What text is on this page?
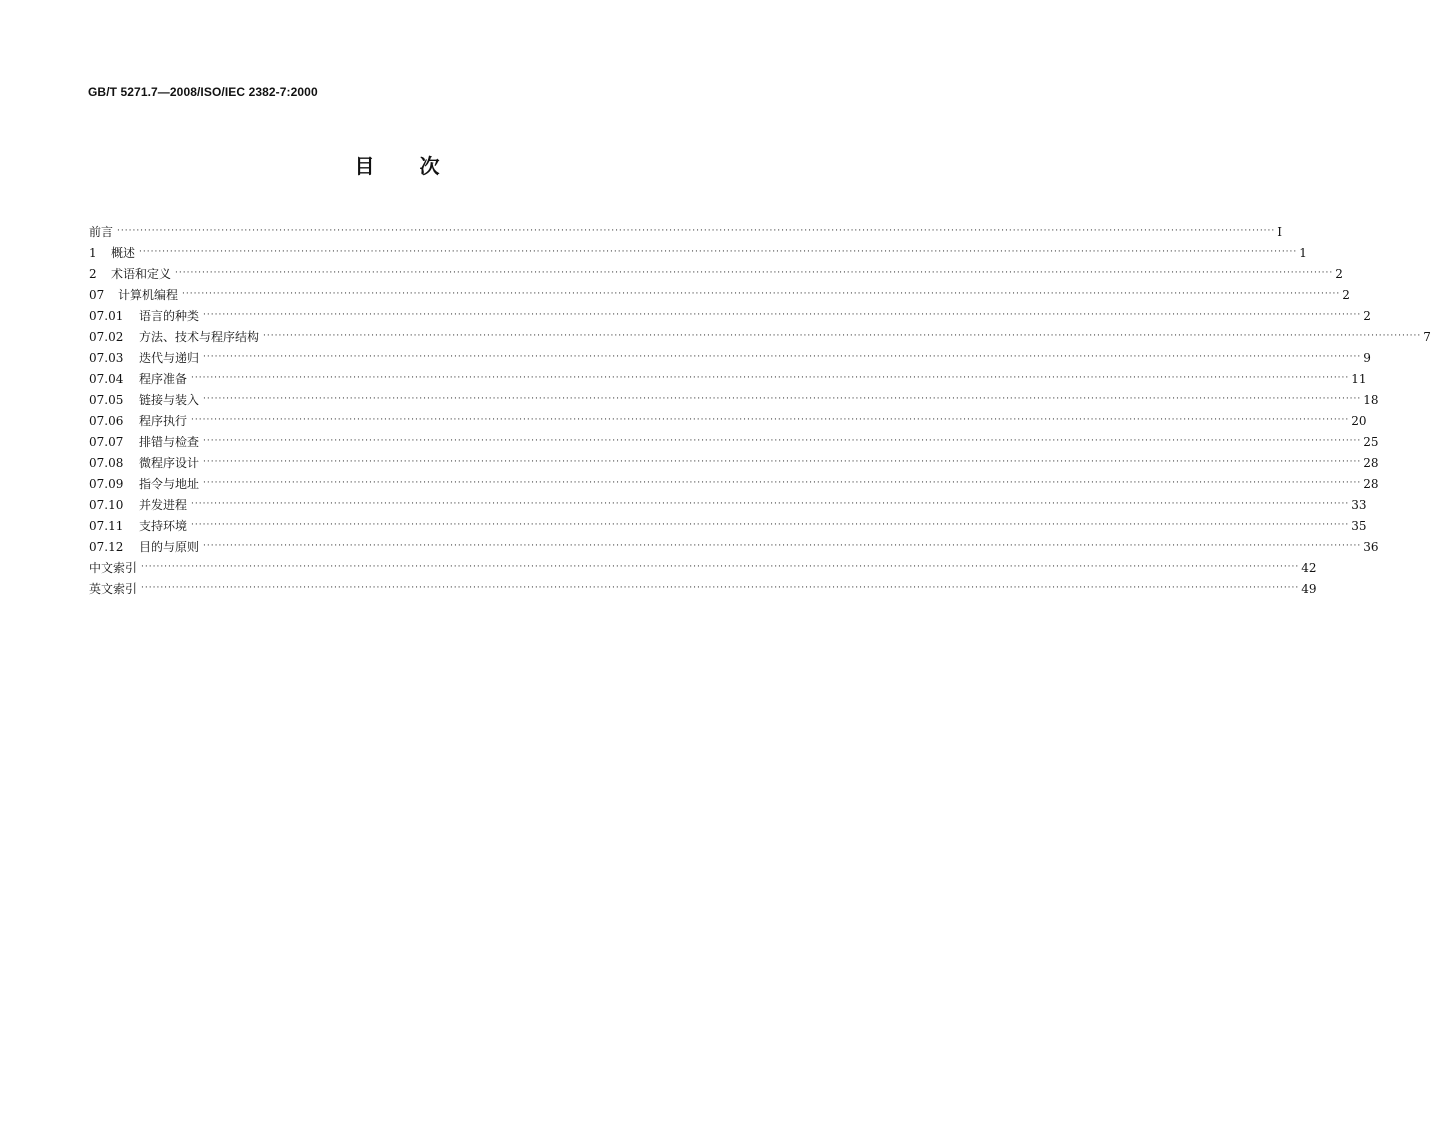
GB/T 5271.7—2008/ISO/IEC 2382-7:2000
目 次
前言 ············································································································································································································································································································ Ⅰ
1	概述 ············································································································································································································································································································ 1
2	术语和定义 ············································································································································································································································································································ 2
07	计算机编程 ············································································································································································································································································································ 2
07.01	语言的种类 ············································································································································································································································································································ 2
07.02	方法、技术与程序结构 ············································································································································································································································································································ 7
07.03	迭代与递归 ············································································································································································································································································································ 9
07.04	程序准备 ············································································································································································································································································································ 11
07.05	链接与装入 ············································································································································································································································································································ 18
07.06	程序执行 ············································································································································································································································································································ 20
07.07	排错与检查 ············································································································································································································································································································ 25
07.08	微程序设计 ············································································································································································································································································································ 28
07.09	指令与地址 ············································································································································································································································································································ 28
07.10	并发进程 ············································································································································································································································································································ 33
07.11	支持环境 ············································································································································································································································································································ 35
07.12	目的与原则 ············································································································································································································································································································ 36
中文索引 ············································································································································································································································································································ 42
英文索引 ············································································································································································································································································································ 49
